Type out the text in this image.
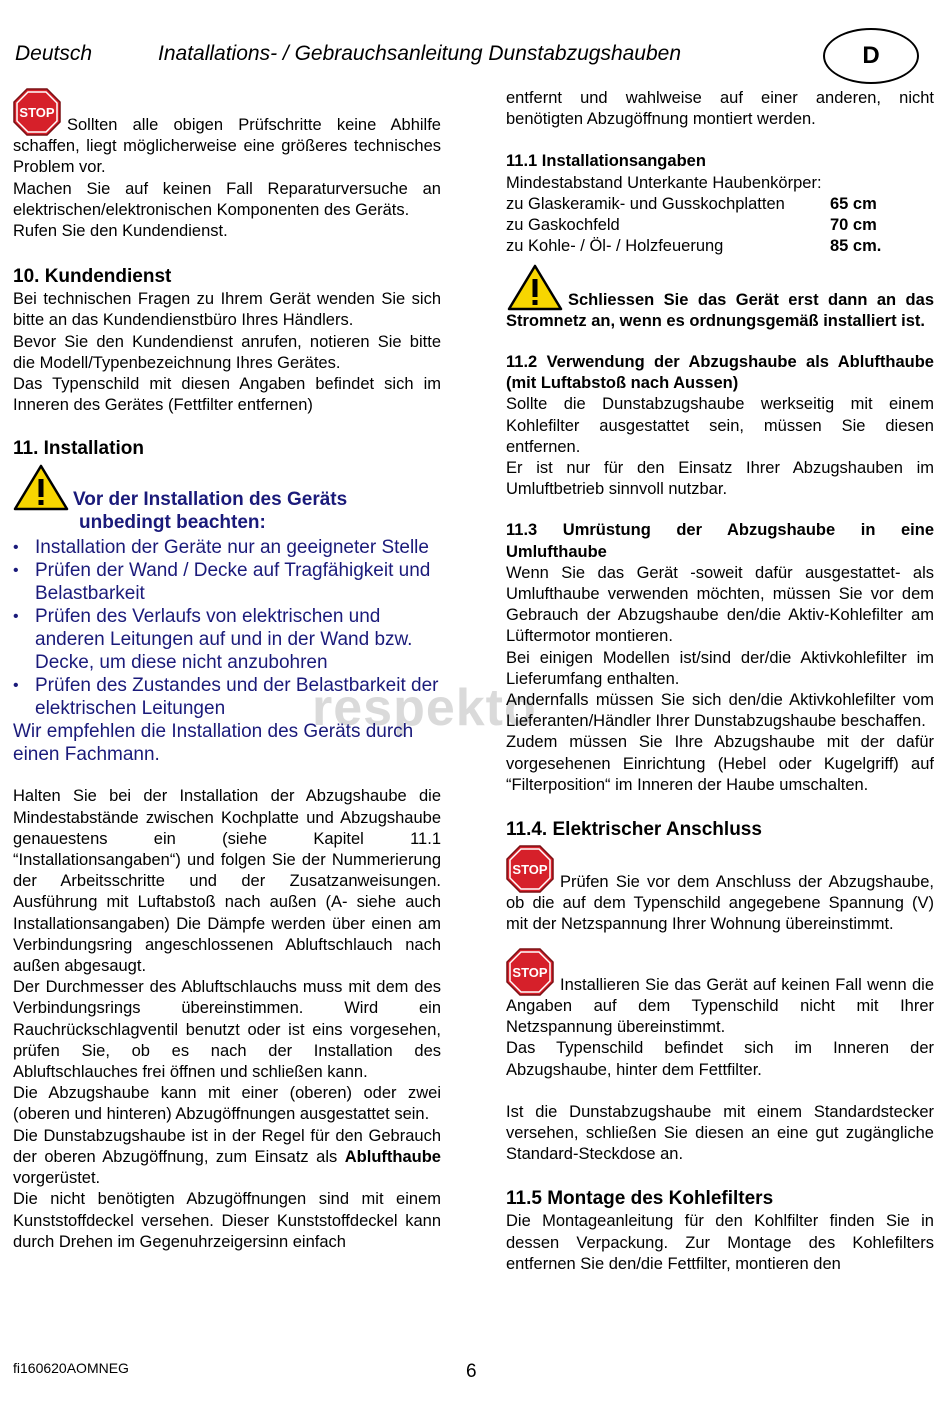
Deutsch	Inatallations- / Gebrauchsanleitung Dunstabzugshauben	D
respekto

STOP
Sollten alle obigen Prüfschritte keine Abhilfe schaffen, liegt möglicherweise eine größeres technisches Problem vor.

Machen Sie auf keinen Fall Reparaturversuche an elektrischen/elektronischen Komponenten des Geräts.

Rufen Sie den Kundendienst.

10. Kundendienst

Bei technischen Fragen zu Ihrem Gerät wenden Sie sich bitte an das Kundendienstbüro Ihres Händlers.

Bevor Sie den Kundendienst anrufen, notieren Sie bitte die Modell/Typenbezeichnung Ihres Gerätes.

Das Typenschild mit diesen Angaben befindet sich im Inneren des Gerätes (Fettfilter entfernen)

11. Installation
Vor der Installation des Geräts
unbedingt beachten:
• Installation der Geräte nur an geeigneter Stelle
• Prüfen der Wand / Decke auf Tragfähigkeit und Belastbarkeit
• Prüfen des Verlaufs von elektrischen und anderen Leitungen auf und in der Wand bzw. Decke, um diese nicht anzubohren
• Prüfen des Zustandes und der Belastbarkeit der elektrischen Leitungen

Wir empfehlen die Installation des Geräts durch einen Fachmann.

Halten Sie bei der Installation der Abzugshaube die Mindestabstände zwischen Kochplatte und Abzugshaube genauestens ein (siehe Kapitel 11.1 “Installationsangaben“) und folgen Sie der Nummerierung der Arbeitsschritte und der Zusatzanweisungen. Ausführung mit Luftabstoß nach außen (A- siehe auch Installationsangaben) Die Dämpfe werden über einen am Verbindungsring angeschlossenen Abluftschlauch nach außen abgesaugt.

Der Durchmesser des Abluftschlauchs muss mit dem des Verbindungsrings übereinstimmen. Wird ein Rauchrückschlagventil benutzt oder ist eins vorgesehen, prüfen Sie, ob es nach der Installation des Abluftschlauches frei öffnen und schließen kann.

Die Abzugshaube kann mit einer (oberen) oder zwei (oberen und hinteren) Abzugöffnungen ausgestattet sein.

Die Dunstabzugshaube ist in der Regel für den Gebrauch der oberen Abzugöffnung, zum Einsatz als Ablufthaube vorgerüstet.

Die nicht benötigten Abzugöffnungen sind mit einem Kunststoffdeckel versehen. Dieser Kunststoffdeckel kann durch Drehen im Gegenuhrzeigersinn einfach

entfernt und wahlweise auf einer anderen, nicht benötigten Abzugöffnung montiert werden.

11.1 Installationsangaben

Mindestabstand Unterkante Haubenkörper:

zu Glaskeramik- und Gusskochplatten	65 cm
zu Gaskochfeld	70 cm
zu Kohle- / Öl- / Holzfeuerung	85 cm.

Schliessen Sie das Gerät erst dann an das Stromnetz an, wenn es ordnungsgemäß installiert ist.

11.2 Verwendung der Abzugshaube als Ablufthaube (mit Luftabstoß nach Aussen)

Sollte die Dunstabzugshaube werkseitig mit einem Kohlefilter ausgestattet sein, müssen Sie diesen entfernen.

Er ist nur für den Einsatz Ihrer Abzugshauben im Umluftbetrieb sinnvoll nutzbar.

11.3 Umrüstung der Abzugshaube in eine Umlufthaube

Wenn Sie das Gerät -soweit dafür ausgestattet- als Umlufthaube verwenden möchten, müssen Sie vor dem Gebrauch der Abzugshaube den/die Aktiv-Kohlefilter am Lüftermotor montieren.

Bei einigen Modellen ist/sind der/die Aktivkohlefilter im Lieferumfang enthalten.

Andernfalls müssen Sie sich den/die Aktivkohlefilter vom Lieferanten/Händler Ihrer Dunstabzugshaube beschaffen.

Zudem müssen Sie Ihre Abzugshaube mit der dafür vorgesehenen Einrichtung (Hebel oder Kugelgriff) auf “Filterposition“ im Inneren der Haube umschalten.

11.4. Elektrischer Anschluss

STOP
Prüfen Sie vor dem Anschluss der Abzugshaube, ob die auf dem Typenschild angegebene Spannung (V) mit der Netzspannung Ihrer Wohnung übereinstimmt.

STOP
Installieren Sie das Gerät auf keinen Fall wenn die Angaben auf dem Typenschild nicht mit Ihrer Netzspannung übereinstimmt.

Das Typenschild befindet sich im Inneren der Abzugshaube, hinter dem Fettfilter.

Ist die Dunstabzugshaube mit einem Standardstecker versehen, schließen Sie diesen an eine gut zugängliche Standard-Steckdose an.

11.5 Montage des Kohlefilters

Die Montageanleitung für den Kohlfilter finden Sie in dessen Verpackung. Zur Montage des Kohlefilters entfernen Sie den/die Fettfilter, montieren den

fi160620AOMNEG	6
